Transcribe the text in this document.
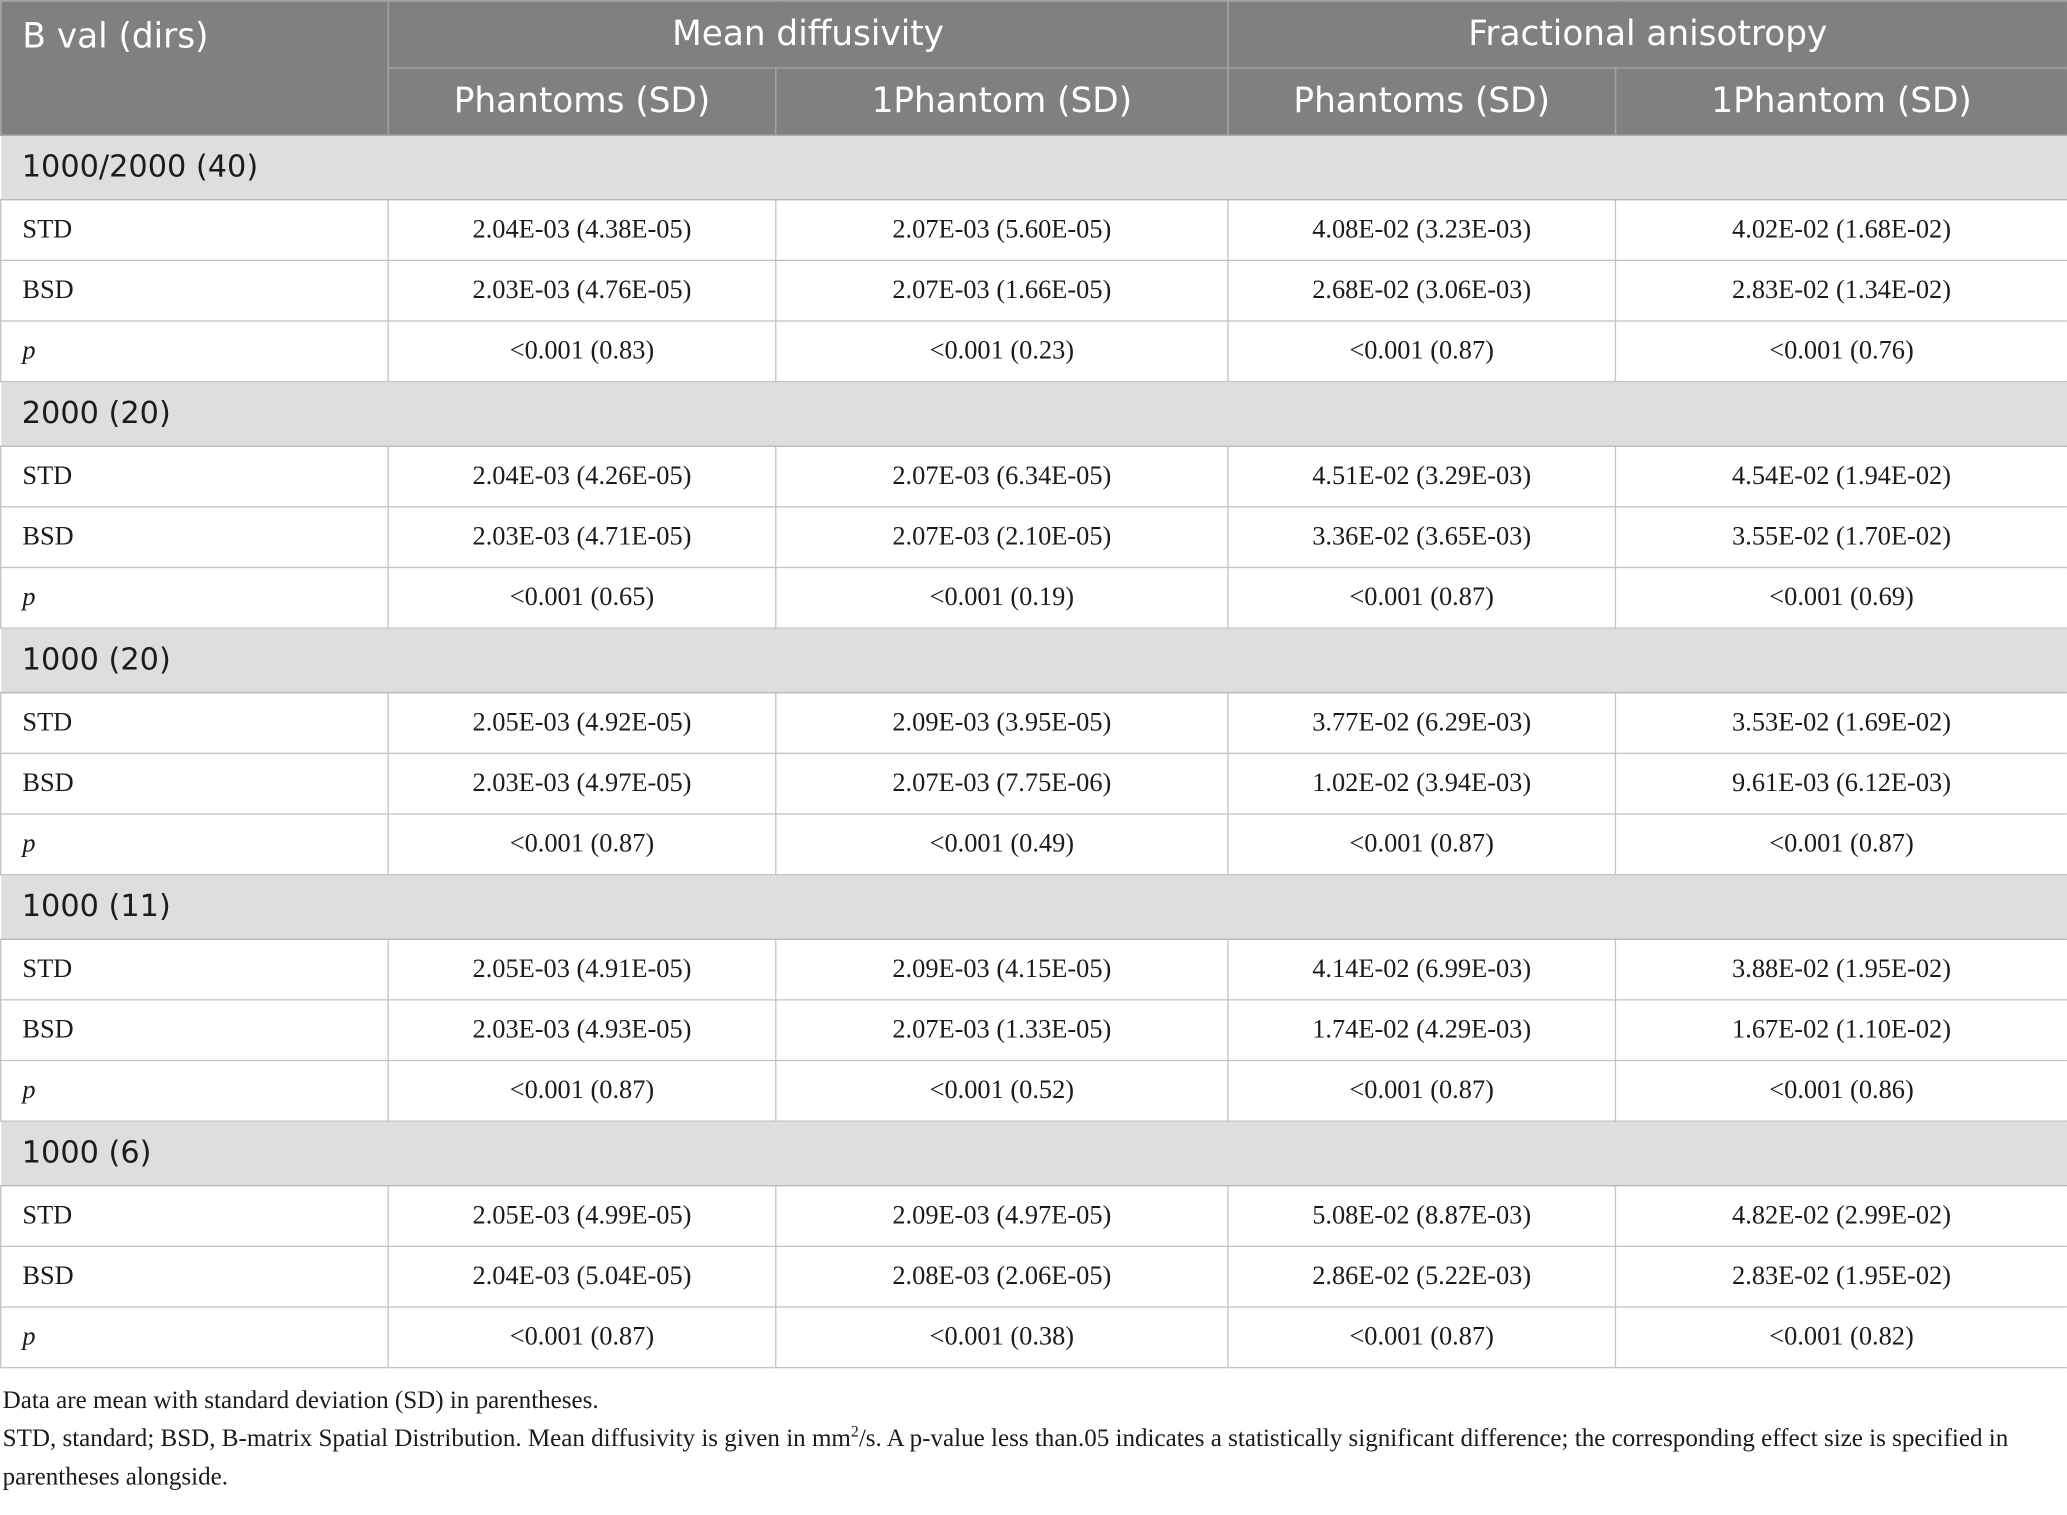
B val (dirs)	Mean diffusivity		Fractional anisotropy	
	Phantoms (SD)	1Phantom (SD)	Phantoms (SD)	1Phantom (SD)
1000/2000 (40)				
STD	2.04E-03 (4.38E-05)	2.07E-03 (5.60E-05)	4.08E-02 (3.23E-03)	4.02E-02 (1.68E-02)
BSD	2.03E-03 (4.76E-05)	2.07E-03 (1.66E-05)	2.68E-02 (3.06E-03)	2.83E-02 (1.34E-02)
p	<0.001 (0.83)	<0.001 (0.23)	<0.001 (0.87)	<0.001 (0.76)
2000 (20)				
STD	2.04E-03 (4.26E-05)	2.07E-03 (6.34E-05)	4.51E-02 (3.29E-03)	4.54E-02 (1.94E-02)
BSD	2.03E-03 (4.71E-05)	2.07E-03 (2.10E-05)	3.36E-02 (3.65E-03)	3.55E-02 (1.70E-02)
p	<0.001 (0.65)	<0.001 (0.19)	<0.001 (0.87)	<0.001 (0.69)
1000 (20)				
STD	2.05E-03 (4.92E-05)	2.09E-03 (3.95E-05)	3.77E-02 (6.29E-03)	3.53E-02 (1.69E-02)
BSD	2.03E-03 (4.97E-05)	2.07E-03 (7.75E-06)	1.02E-02 (3.94E-03)	9.61E-03 (6.12E-03)
p	<0.001 (0.87)	<0.001 (0.49)	<0.001 (0.87)	<0.001 (0.87)
1000 (11)				
STD	2.05E-03 (4.91E-05)	2.09E-03 (4.15E-05)	4.14E-02 (6.99E-03)	3.88E-02 (1.95E-02)
BSD	2.03E-03 (4.93E-05)	2.07E-03 (1.33E-05)	1.74E-02 (4.29E-03)	1.67E-02 (1.10E-02)
p	<0.001 (0.87)	<0.001 (0.52)	<0.001 (0.87)	<0.001 (0.86)
1000 (6)				
STD	2.05E-03 (4.99E-05)	2.09E-03 (4.97E-05)	5.08E-02 (8.87E-03)	4.82E-02 (2.99E-02)
BSD	2.04E-03 (5.04E-05)	2.08E-03 (2.06E-05)	2.86E-02 (5.22E-03)	2.83E-02 (1.95E-02)
p	<0.001 (0.87)	<0.001 (0.38)	<0.001 (0.87)	<0.001 (0.82)

Data are mean with standard deviation (SD) in parentheses.

STD, standard; BSD, B-matrix Spatial Distribution. Mean diffusivity is given in $mm^2/s$. A p-value less than.05 indicates a statistically significant difference; the corresponding effect size is specified in parentheses alongside.
